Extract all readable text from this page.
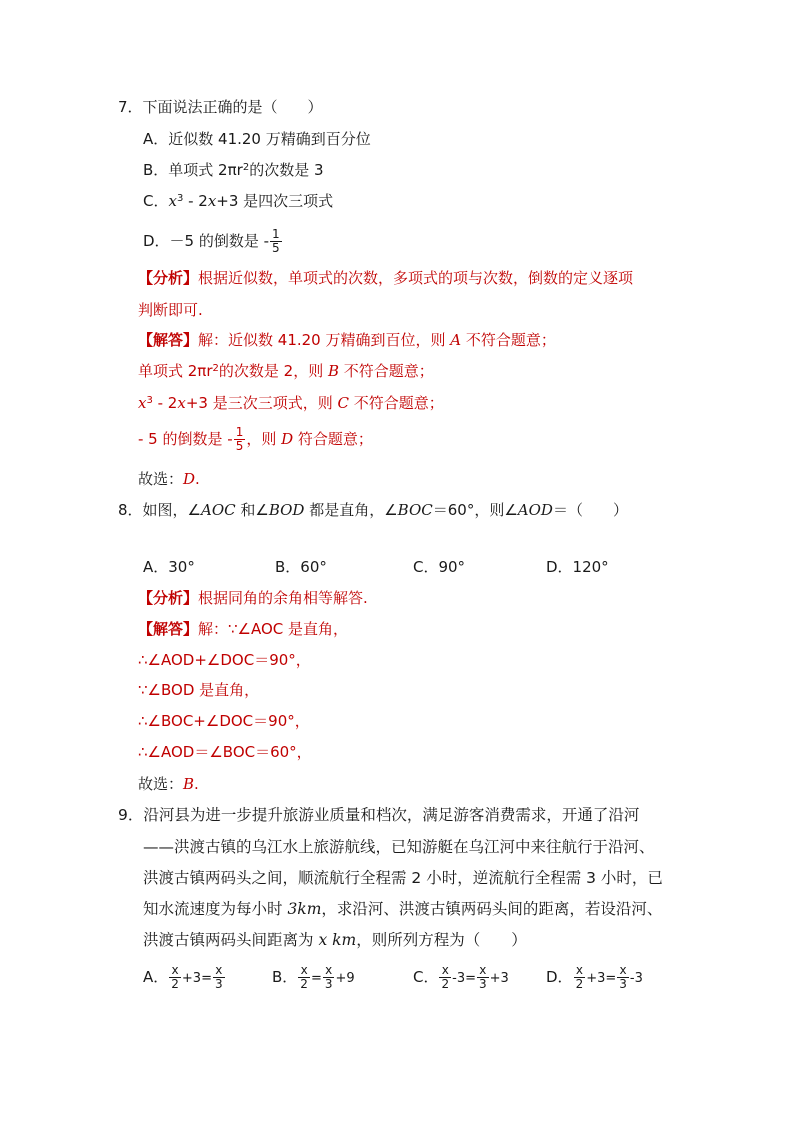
7．下面说法正确的是（　　）
A．近似数 41.20 万精确到百分位
B．单项式 $2\pi r^2$的次数是 3
C．$x^3 - 2x+3$ 是四次三项式
D．－5 的倒数是 - $\frac{1}{5}$
【分析】根据近似数，单项式的次数，多项式的项与次数，倒数的定义逐项
判断即可.
【解答】解：近似数 41.20 万精确到百位，则 A 不符合题意；
单项式 $2\pi r^2$的次数是 2，则 B 不符合题意；
$x^3 - 2x+3$ 是三次三项式，则 C 不符合题意；
- 5 的倒数是 - $\frac{1}{5}$ ，则 D 符合题意；
故选：D.
8．如图，∠AOC 和∠BOD 都是直角，∠BOC＝60°，则∠AOD＝（　　）
A．30°	B．60°	C．90°	D．120°
【分析】根据同角的余角相等解答.
【解答】解：∵∠AOC 是直角，
∴∠AOD+∠DOC＝90°，
∵∠BOD 是直角，
∴∠BOC+∠DOC＝90°，
∴∠AOD＝∠BOC＝60°，
故选：B.
9．沿河县为进一步提升旅游业质量和档次，满足游客消费需求，开通了沿河
——洪渡古镇的乌江水上旅游航线，已知游艇在乌江河中来往航行于沿河、
洪渡古镇两码头之间，顺流航行全程需 2 小时，逆流航行全程需 3 小时，已
知水流速度为每小时 3km，求沿河、洪渡古镇两码头间的距离，若设沿河、
洪渡古镇两码头间距离为 x km，则所列方程为（　　）
A． $\frac{x}{2} +3= \frac{x}{3}$	B． $\frac{x}{2} = \frac{x}{3} +9$	C． $\frac{x}{2} -3= \frac{x}{3} +3$ D． $\frac{x}{2} +3= \frac{x}{3} -3$
